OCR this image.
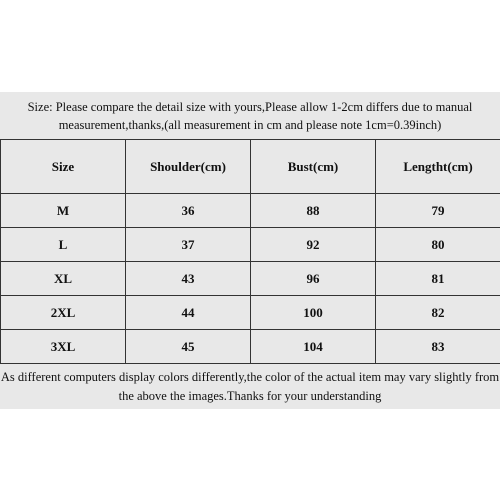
Size: Please compare the detail size with yours,Please allow 1-2cm differs due to manual measurement,thanks,(all measurement in cm and please note 1cm=0.39inch)
Size	Shoulder(cm)	Bust(cm)	Lengtht(cm)
M	36	88	79
L	37	92	80
XL	43	96	81
2XL	44	100	82
3XL	45	104	83
As different computers display colors differently,the color of the actual item may vary slightly from the above the images.Thanks for your understanding
